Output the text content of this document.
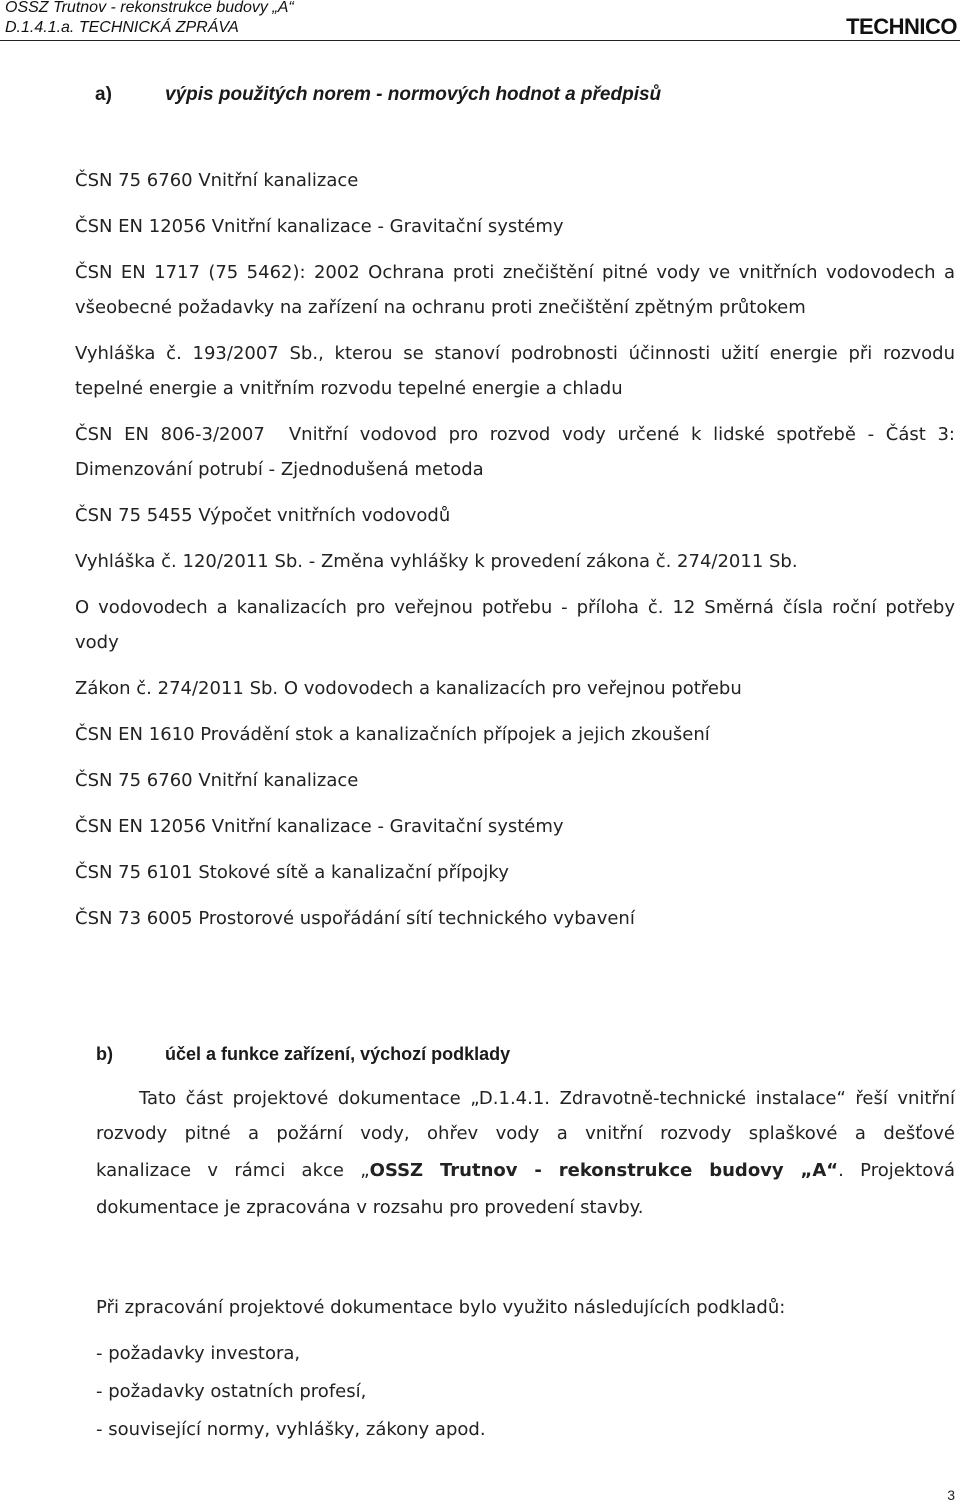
OSSZ Trutnov - rekonstrukce budovy „A“
D.1.4.1.a. TECHNICKÁ ZPRÁVA	TECHNICO
a)	výpis použitých norem - normových hodnot a předpisů
ČSN 75 6760 Vnitřní kanalizace
ČSN EN 12056 Vnitřní kanalizace - Gravitační systémy
ČSN EN 1717 (75 5462): 2002 Ochrana proti znečištění pitné vody ve vnitřních vodovodech a
všeobecné požadavky na zařízení na ochranu proti znečištění zpětným průtokem
Vyhláška č. 193/2007 Sb., kterou se stanoví podrobnosti účinnosti užití energie při rozvodu
tepelné energie a vnitřním rozvodu tepelné energie a chladu
ČSN EN 806-3/2007 Vnitřní vodovod pro rozvod vody určené k lidské spotřebě - Část 3:
Dimenzování potrubí - Zjednodušená metoda
ČSN 75 5455 Výpočet vnitřních vodovodů
Vyhláška č. 120/2011 Sb. - Změna vyhlášky k provedení zákona č. 274/2011 Sb.
O vodovodech a kanalizacích pro veřejnou potřebu - příloha č. 12 Směrná čísla roční potřeby
vody
Zákon č. 274/2011 Sb. O vodovodech a kanalizacích pro veřejnou potřebu
ČSN EN 1610 Provádění stok a kanalizačních přípojek a jejich zkoušení
ČSN 75 6760 Vnitřní kanalizace
ČSN EN 12056 Vnitřní kanalizace - Gravitační systémy
ČSN 75 6101 Stokové sítě a kanalizační přípojky
ČSN 73 6005 Prostorové uspořádání sítí technického vybavení
b)	účel a funkce zařízení, výchozí podklady
Tato část projektové dokumentace „D.1.4.1. Zdravotně-technické instalace“ řeší vnitřní
rozvody pitné a požární vody, ohřev vody a vnitřní rozvody splaškové a dešťové
kanalizace v rámci akce „OSSZ Trutnov - rekonstrukce budovy „A“. Projektová
dokumentace je zpracována v rozsahu pro provedení stavby.
Při zpracování projektové dokumentace bylo využito následujících podkladů:
- požadavky investora,
- požadavky ostatních profesí,
- související normy, vyhlášky, zákony apod.
3
